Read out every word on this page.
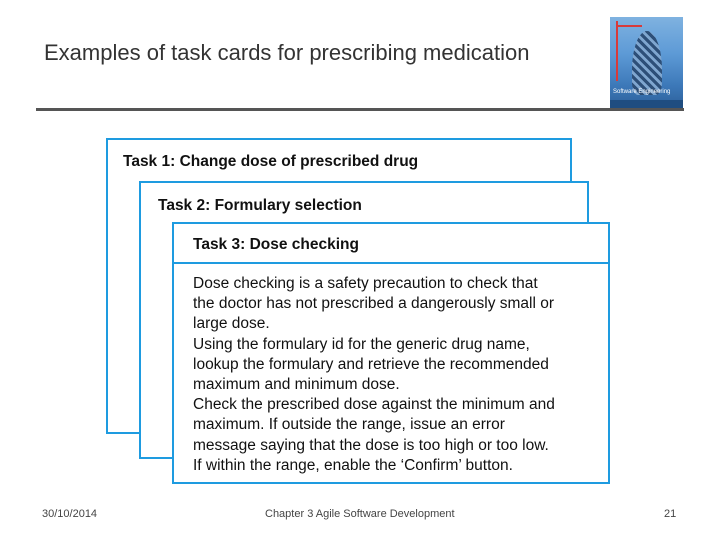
Examples of task cards for prescribing medication
Software Engineering
Task 1: Change dose of prescribed drug
Task 2: Formulary selection
Task 3: Dose checking
Dose checking is a safety precaution to check that
the doctor has not prescribed a dangerously small or
large dose.
Using the formulary id for the generic drug name,
lookup the formulary and retrieve the recommended
maximum and minimum dose.
Check the prescribed dose against the minimum and
maximum. If outside the range, issue an error
message saying that the dose is too high or too low.
If within the range, enable the ‘Confirm’ button.
30/10/2014	Chapter 3 Agile Software Development	21
